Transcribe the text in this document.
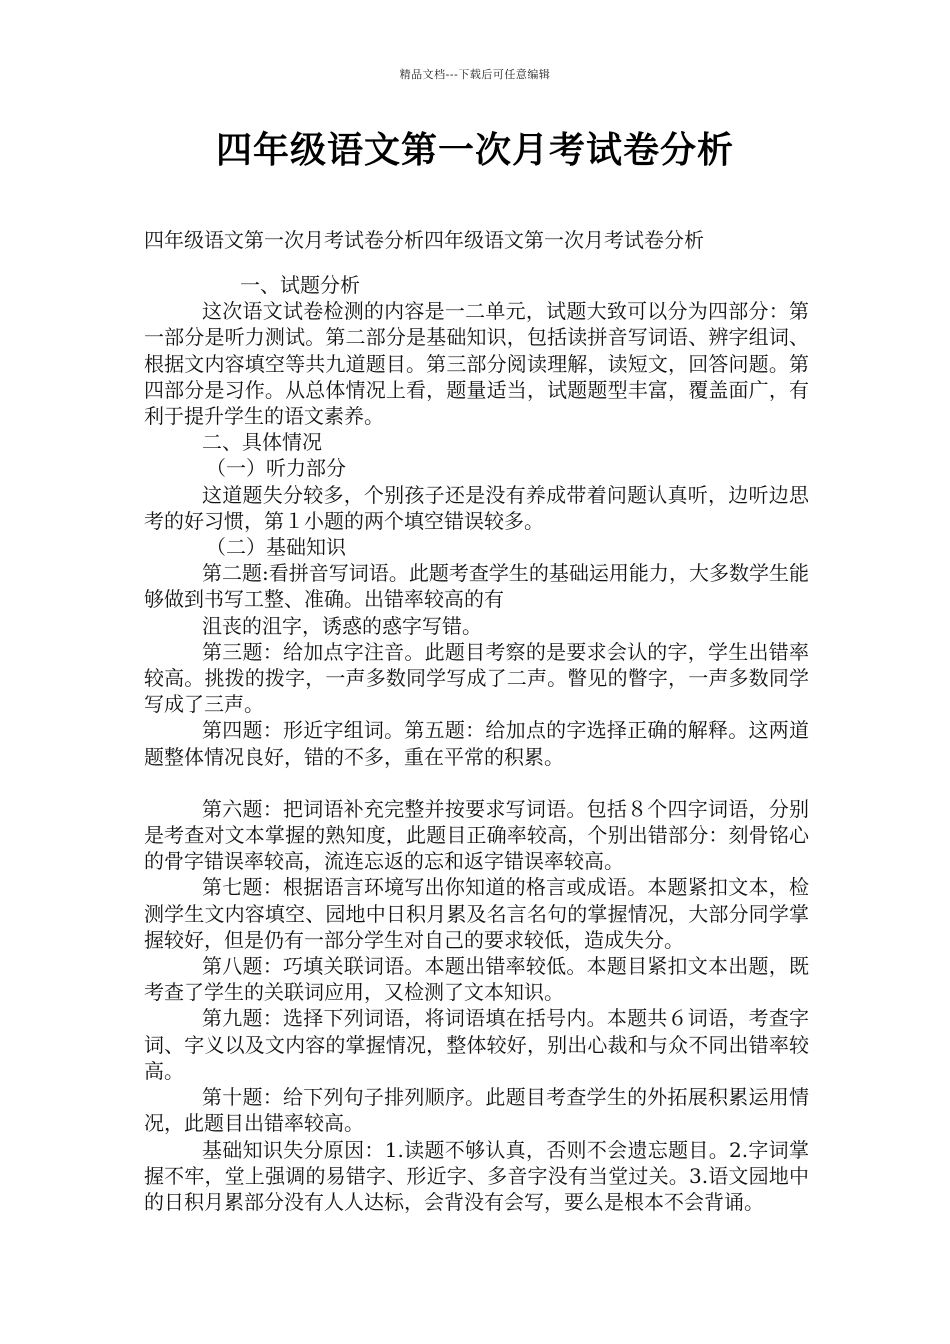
精品文档---下载后可任意编辑
四年级语文第一次月考试卷分析
四年级语文第一次月考试卷分析四年级语文第一次月考试卷分析

一、试题分析

这次语文试卷检测的内容是一二单元，试题大致可以分为四部分：第一部分是听力测试。第二部分是基础知识，包括读拼音写词语、辨字组词、根据文内容填空等共九道题目。第三部分阅读理解，读短文，回答问题。第四部分是习作。从总体情况上看，题量适当，试题题型丰富，覆盖面广，有利于提升学生的语文素养。

二、具体情况

（一）听力部分

这道题失分较多，个别孩子还是没有养成带着问题认真听，边听边思考的好习惯，第１小题的两个填空错误较多。

（二）基础知识

第二题:看拼音写词语。此题考查学生的基础运用能力，大多数学生能够做到书写工整、准确。出错率较高的有

沮丧的沮字，诱惑的惑字写错。

第三题：给加点字注音。此题目考察的是要求会认的字，学生出错率较高。挑拨的拨字，一声多数同学写成了二声。瞥见的瞥字，一声多数同学写成了三声。

第四题：形近字组词。第五题：给加点的字选择正确的解释。这两道题整体情况良好，错的不多，重在平常的积累。

第六题：把词语补充完整并按要求写词语。包括８个四字词语，分别是考查对文本掌握的熟知度，此题目正确率较高，个别出错部分：刻骨铭心的骨字错误率较高，流连忘返的忘和返字错误率较高。

第七题：根据语言环境写出你知道的格言或成语。本题紧扣文本，检测学生文内容填空、园地中日积月累及名言名句的掌握情况，大部分同学掌握较好，但是仍有一部分学生对自己的要求较低，造成失分。

第八题：巧填关联词语。本题出错率较低。本题目紧扣文本出题，既考查了学生的关联词应用，又检测了文本知识。

第九题：选择下列词语，将词语填在括号内。本题共６词语，考查字词、字义以及文内容的掌握情况，整体较好，别出心裁和与众不同出错率较高。

第十题：给下列句子排列顺序。此题目考查学生的外拓展积累运用情况，此题目出错率较高。

基础知识失分原因：1.读题不够认真，否则不会遗忘题目。2.字词掌握不牢，堂上强调的易错字、形近字、多音字没有当堂过关。3.语文园地中的日积月累部分没有人人达标，会背没有会写，要么是根本不会背诵。
